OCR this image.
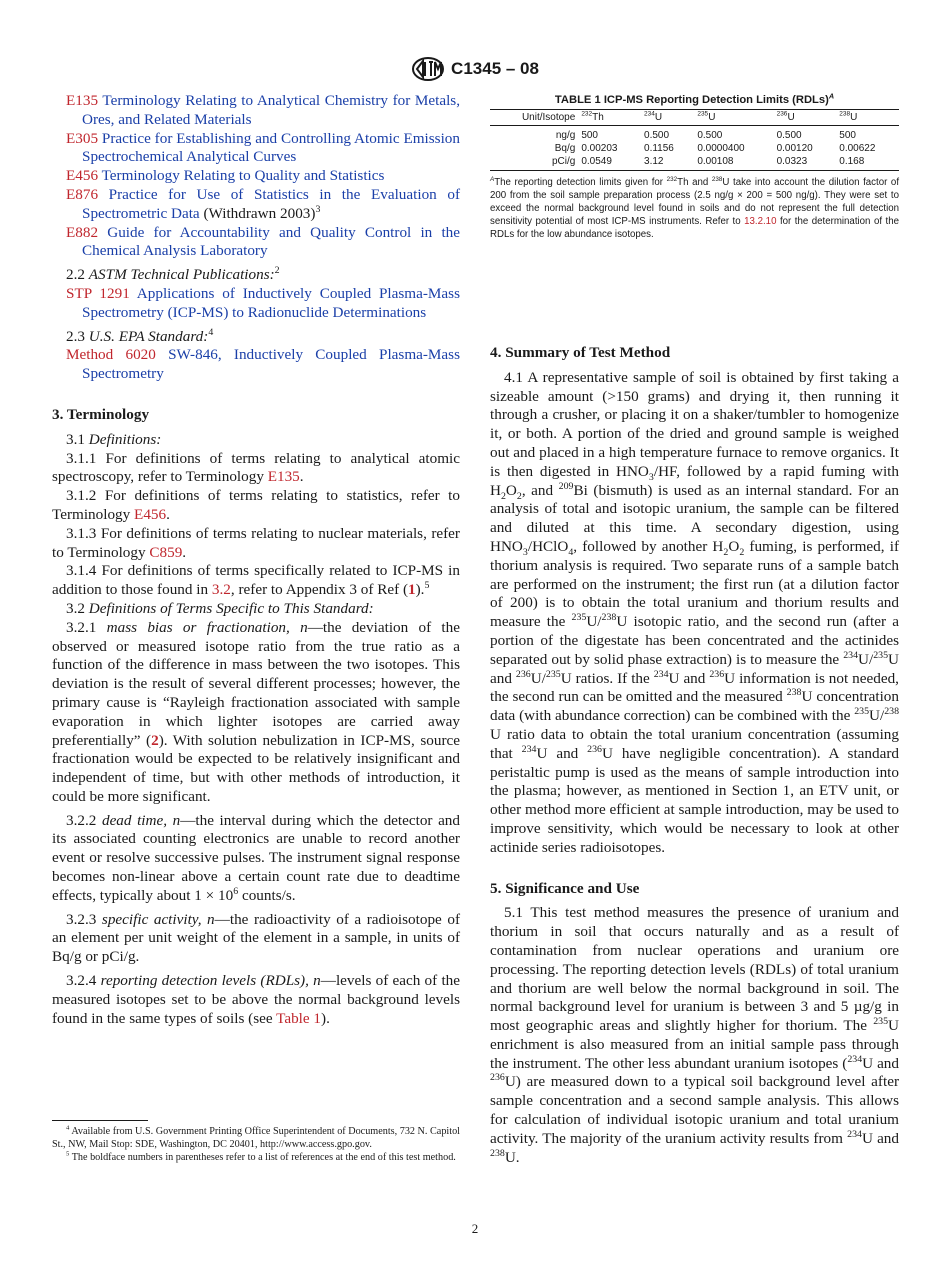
C1345 – 08

E135 Terminology Relating to Analytical Chemistry for Metals, Ores, and Related Materials

E305 Practice for Establishing and Controlling Atomic Emission Spectrochemical Analytical Curves

E456 Terminology Relating to Quality and Statistics

E876 Practice for Use of Statistics in the Evaluation of Spectrometric Data (Withdrawn 2003)$^3$

E882 Guide for Accountability and Quality Control in the Chemical Analysis Laboratory

2.2 ASTM Technical Publications:$^2$

STP 1291 Applications of Inductively Coupled Plasma-Mass Spectrometry (ICP-MS) to Radionuclide Determinations

2.3 U.S. EPA Standard:$^4$

Method 6020 SW-846, Inductively Coupled Plasma-Mass Spectrometry

3. Terminology

3.1 Definitions:

3.1.1 For definitions of terms relating to analytical atomic spectroscopy, refer to Terminology E135.

3.1.2 For definitions of terms relating to statistics, refer to Terminology E456.

3.1.3 For definitions of terms relating to nuclear materials, refer to Terminology C859.

3.1.4 For definitions of terms specifically related to ICP-MS in addition to those found in 3.2, refer to Appendix 3 of Ref (1).$^5$

3.2 Definitions of Terms Specific to This Standard:

3.2.1 mass bias or fractionation, n—the deviation of the observed or measured isotope ratio from the true ratio as a function of the difference in mass between the two isotopes. This deviation is the result of several different processes; however, the primary cause is “Rayleigh fractionation associated with sample evaporation in which lighter isotopes are carried away preferentially” (2). With solution nebulization in ICP-MS, source fractionation would be expected to be relatively insignificant and independent of time, but with other methods of introduction, it could be more significant.

3.2.2 dead time, n—the interval during which the detector and its associated counting electronics are unable to record another event or resolve successive pulses. The instrument signal response becomes non-linear above a certain count rate due to deadtime effects, typically about $1 \times 10^6$ counts/s.

3.2.3 specific activity, n—the radioactivity of a radioisotope of an element per unit weight of the element in a sample, in units of Bq/g or pCi/g.

3.2.4 reporting detection levels (RDLs), n—levels of each of the measured isotopes set to be above the normal background levels found in the same types of soils (see Table 1).

$^4$ Available from U.S. Government Printing Office Superintendent of Documents, 732 N. Capitol St., NW, Mail Stop: SDE, Washington, DC 20401, http://www.access.gpo.gov.

$^5$ The boldface numbers in parentheses refer to a list of references at the end of this test method.

TABLE 1 ICP-MS Reporting Detection Limits (RDLs)$^A$
Unit/Isotope	$^{232}$Th	$^{234}$U	$^{235}$U	$^{236}$U	$^{238}$U
ng/g	500	0.500	0.500	0.500	500
Bq/g	0.00203	0.1156	0.0000400	0.00120	0.00622
pCi/g	0.0549	3.12	0.00108	0.0323	0.168

$^A$The reporting detection limits given for $^{232}$Th and $^{238}$U take into account the dilution factor of 200 from the soil sample preparation process (2.5 ng/g × 200 = 500 ng/g). They were set to exceed the normal background level found in soils and do not represent the full detection sensitivity potential of most ICP-MS instruments. Refer to 13.2.10 for the determination of the RDLs for the low abundance isotopes.

4. Summary of Test Method

4.1 A representative sample of soil is obtained by first taking a sizeable amount (>150 grams) and drying it, then running it through a crusher, or placing it on a shaker/tumbler to homogenize it, or both. A portion of the dried and ground sample is weighed out and placed in a high temperature furnace to remove organics. It is then digested in $HNO_3/HF$, followed by a rapid fuming with $H_2O_2$, and $^{209}$Bi (bismuth) is used as an internal standard. For an analysis of total and isotopic uranium, the sample can be filtered and diluted at this time. A secondary digestion, using $HNO_3/HClO_4$, followed by another $H_2O_2$ fuming, is performed, if thorium analysis is required. Two separate runs of a sample batch are performed on the instrument; the first run (at a dilution factor of 200) is to obtain the total uranium and thorium results and measure the $^{235}$U/$^{238}$U isotopic ratio, and the second run (after a portion of the digestate has been concentrated and the actinides separated out by solid phase extraction) is to measure the $^{234}$U/$^{235}$U and $^{236}$U/$^{235}$U ratios. If the $^{234}$U and $^{236}$U information is not needed, the second run can be omitted and the measured $^{238}$U concentration data (with abundance correction) can be combined with the $^{235}$U/$^{238}$ U ratio data to obtain the total uranium concentration (assuming that $^{234}$U and $^{236}$U have negligible concentration). A standard peristaltic pump is used as the means of sample introduction into the plasma; however, as mentioned in Section 1, an ETV unit, or other method more efficient at sample introduction, may be used to improve sensitivity, which would be necessary to look at other actinide series radioisotopes.

5. Significance and Use

5.1 This test method measures the presence of uranium and thorium in soil that occurs naturally and as a result of contamination from nuclear operations and uranium ore processing. The reporting detection levels (RDLs) of total uranium and thorium are well below the normal background in soil. The normal background level for uranium is between 3 and 5 µg/g in most geographic areas and slightly higher for thorium. The $^{235}$U enrichment is also measured from an initial sample pass through the instrument. The other less abundant uranium isotopes ($^{234}$U and $^{236}$U) are measured down to a typical soil background level after sample concentration and a second sample analysis. This allows for calculation of individual isotopic uranium and total uranium activity. The majority of the uranium activity results from $^{234}$U and $^{238}$U.

2
